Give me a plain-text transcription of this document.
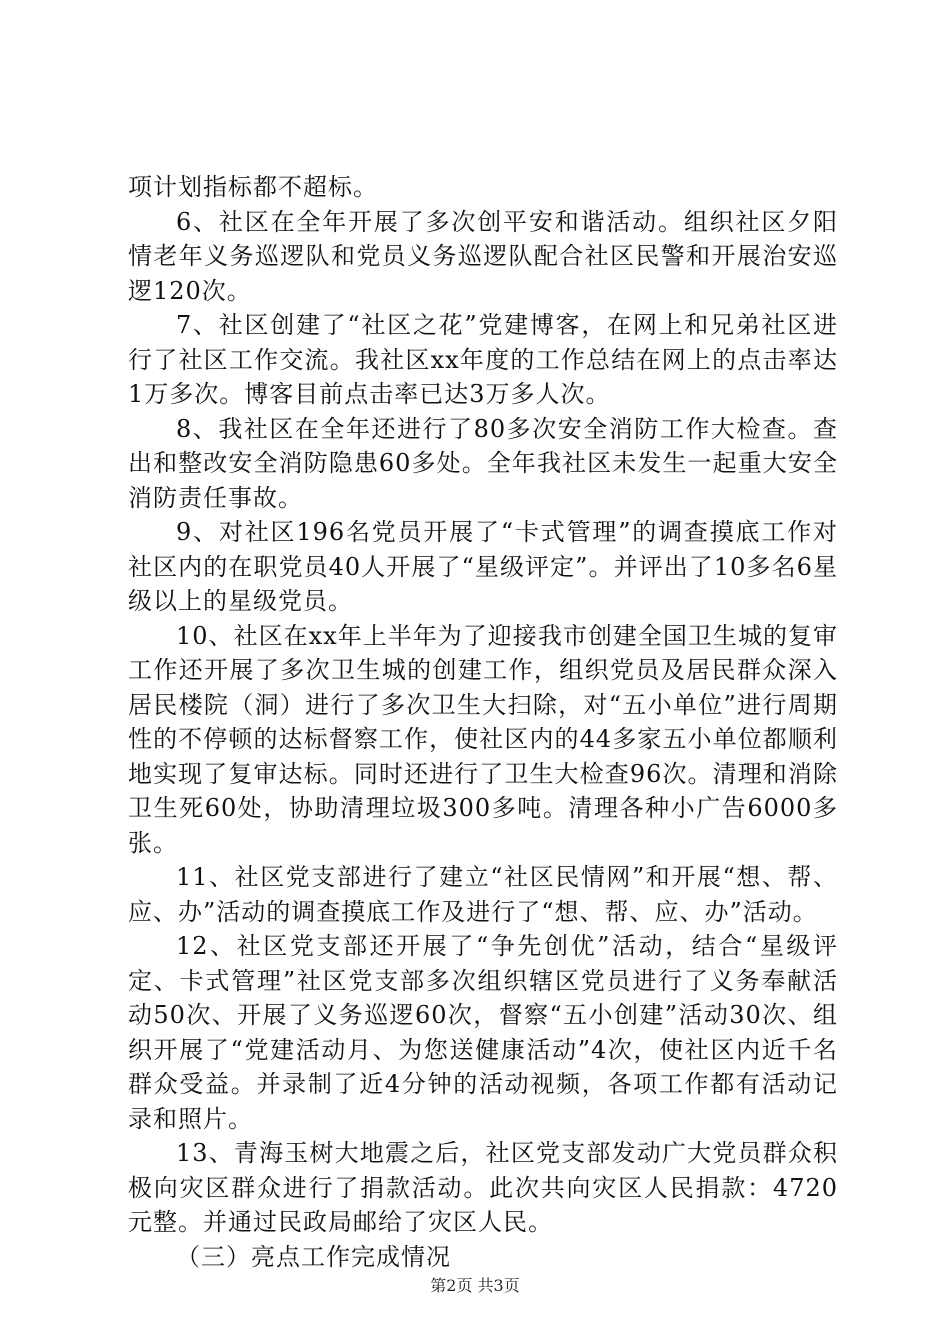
项计划指标都不超标。

6、社区在全年开展了多次创平安和谐活动。组织社区夕阳情老年义务巡逻队和党员义务巡逻队配合社区民警和开展治安巡逻120次。

7、社区创建了“社区之花”党建博客，在网上和兄弟社区进行了社区工作交流。我社区xx年度的工作总结在网上的点击率达1万多次。博客目前点击率已达3万多人次。

8、我社区在全年还进行了80多次安全消防工作大检查。查出和整改安全消防隐患60多处。全年我社区未发生一起重大安全消防责任事故。

9、对社区196名党员开展了“卡式管理”的调查摸底工作对社区内的在职党员40人开展了“星级评定”。并评出了10多名6星级以上的星级党员。

10、社区在xx年上半年为了迎接我市创建全国卫生城的复审工作还开展了多次卫生城的创建工作，组织党员及居民群众深入居民楼院（洞）进行了多次卫生大扫除，对“五小单位”进行周期性的不停顿的达标督察工作，使社区内的44多家五小单位都顺利地实现了复审达标。同时还进行了卫生大检查96次。清理和消除卫生死60处，协助清理垃圾300多吨。清理各种小广告6000多张。

11、社区党支部进行了建立“社区民情网”和开展“想、帮、应、办”活动的调查摸底工作及进行了“想、帮、应、办”活动。

12、社区党支部还开展了“争先创优”活动，结合“星级评定、卡式管理”社区党支部多次组织辖区党员进行了义务奉献活动50次、开展了义务巡逻60次，督察“五小创建”活动30次、组织开展了“党建活动月、为您送健康活动”4次，使社区内近千名群众受益。并录制了近4分钟的活动视频，各项工作都有活动记录和照片。

13、青海玉树大地震之后，社区党支部发动广大党员群众积极向灾区群众进行了捐款活动。此次共向灾区人民捐款：4720元整。并通过民政局邮给了灾区人民。

（三）亮点工作完成情况

第2页 共3页
